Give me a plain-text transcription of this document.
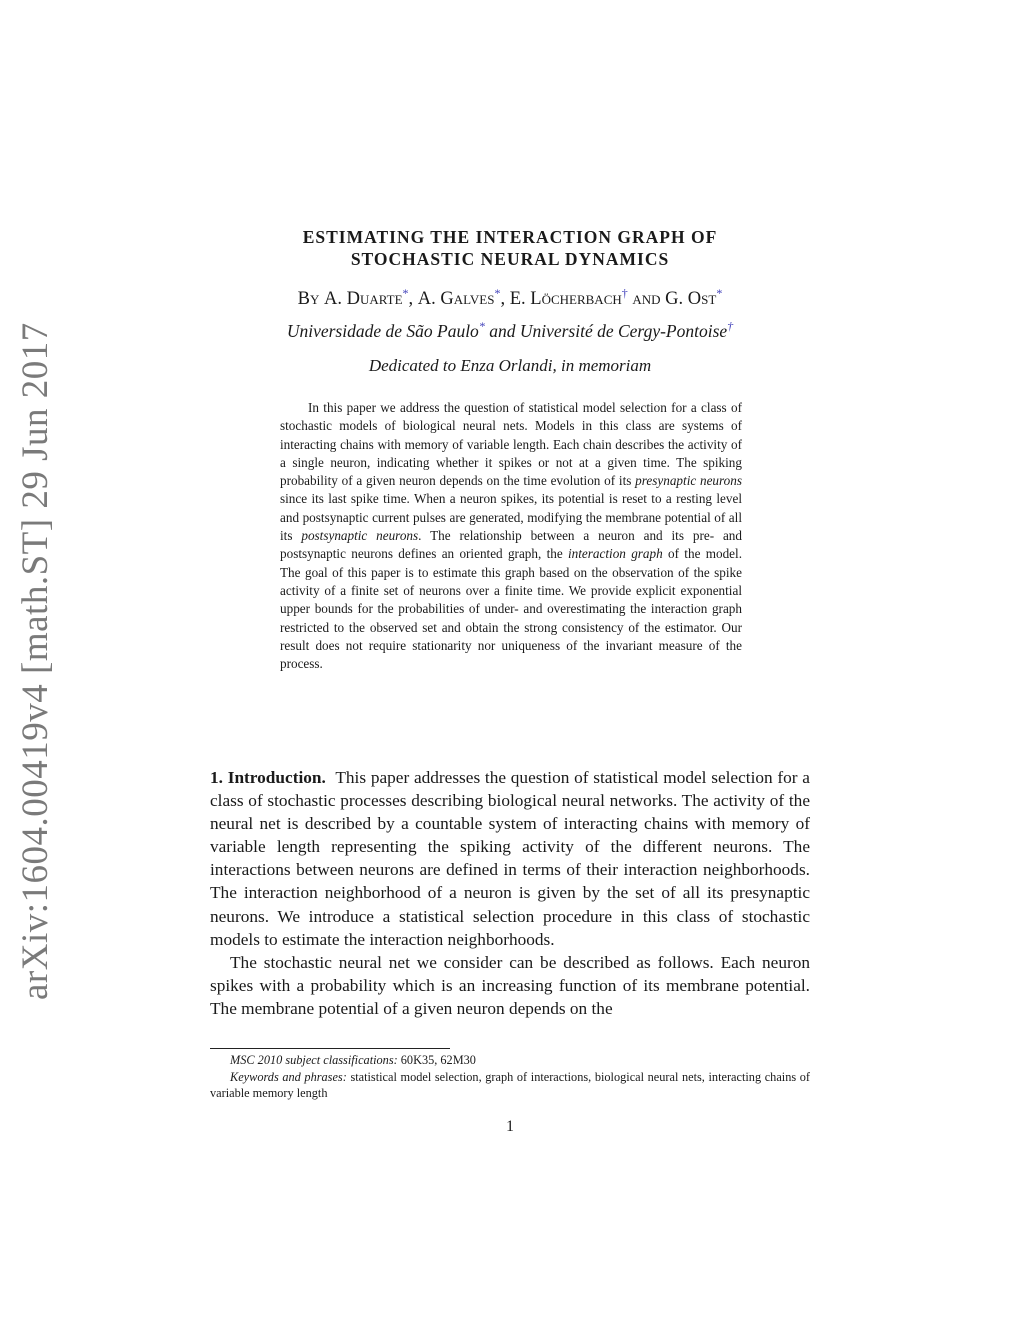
arXiv:1604.00419v4 [math.ST] 29 Jun 2017
ESTIMATING THE INTERACTION GRAPH OF
STOCHASTIC NEURAL DYNAMICS
By A. Duarte*, A. Galves*, E. Löcherbach† and G. Ost*
Universidade de São Paulo* and Université de Cergy-Pontoise†
Dedicated to Enza Orlandi, in memoriam
In this paper we address the question of statistical model selection for a class of stochastic models of biological neural nets. Models in this class are systems of interacting chains with memory of variable length. Each chain describes the activity of a single neuron, indicating whether it spikes or not at a given time. The spiking probability of a given neuron depends on the time evolution of its presynaptic neurons since its last spike time. When a neuron spikes, its potential is reset to a resting level and postsynaptic current pulses are generated, modifying the membrane potential of all its postsynaptic neurons. The relationship between a neuron and its pre- and postsynaptic neurons defines an oriented graph, the interaction graph of the model. The goal of this paper is to estimate this graph based on the observation of the spike activity of a finite set of neurons over a finite time. We provide explicit exponential upper bounds for the probabilities of under- and overestimating the interaction graph restricted to the observed set and obtain the strong consistency of the estimator. Our result does not require stationarity nor uniqueness of the invariant measure of the process.

1. Introduction. This paper addresses the question of statistical model selection for a class of stochastic processes describing biological neural networks. The activity of the neural net is described by a countable system of interacting chains with memory of variable length representing the spiking activity of the different neurons. The interactions between neurons are defined in terms of their interaction neighborhoods. The interaction neighborhood of a neuron is given by the set of all its presynaptic neurons. We introduce a statistical selection procedure in this class of stochastic models to estimate the interaction neighborhoods.

The stochastic neural net we consider can be described as follows. Each neuron spikes with a probability which is an increasing function of its membrane potential. The membrane potential of a given neuron depends on the

MSC 2010 subject classifications: 60K35, 62M30

Keywords and phrases: statistical model selection, graph of interactions, biological neural nets, interacting chains of variable memory length

1
